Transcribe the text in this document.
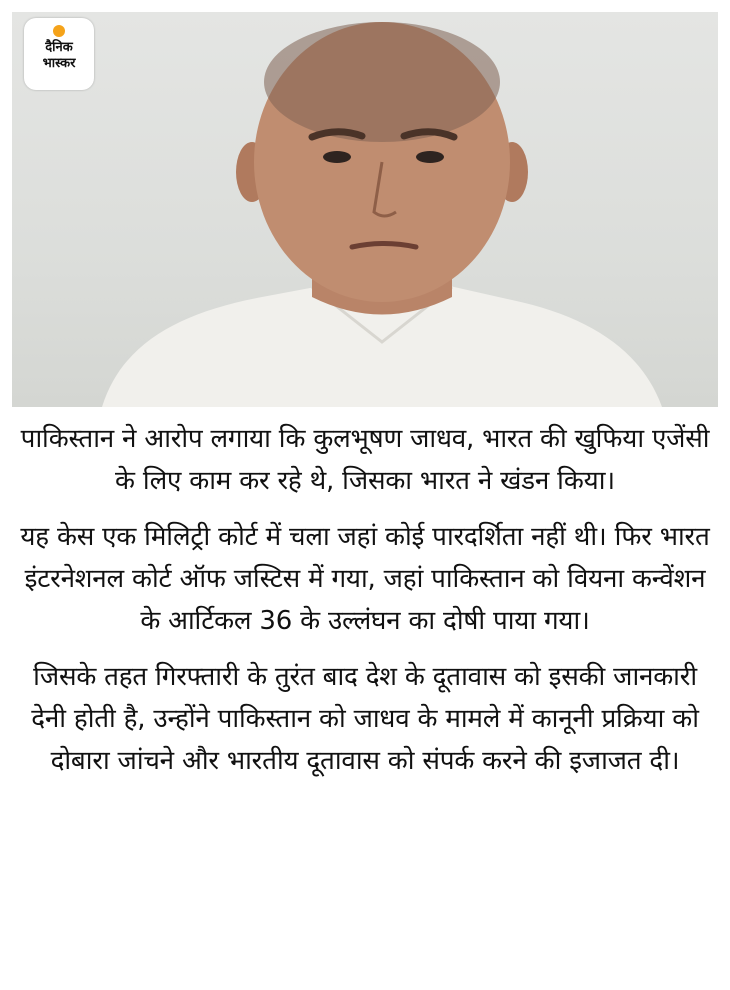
दैनिक
भास्कर

पाकिस्तान ने आरोप लगाया कि कुलभूषण जाधव, भारत की खुफिया एजेंसी के लिए काम कर रहे थे, जिसका भारत ने खंडन किया।

यह केस एक मिलिट्री कोर्ट में चला जहां कोई पारदर्शिता नहीं थी। फिर भारत इंटरनेशनल कोर्ट ऑफ जस्टिस में गया, जहां पाकिस्तान को वियना कन्वेंशन के आर्टिकल 36 के उल्लंघन का दोषी पाया गया।

जिसके तहत गिरफ्तारी के तुरंत बाद देश के दूतावास को इसकी जानकारी देनी होती है, उन्होंने पाकिस्तान को जाधव के मामले में कानूनी प्रक्रिया को दोबारा जांचने और भारतीय दूतावास को संपर्क करने की इजाजत दी।
